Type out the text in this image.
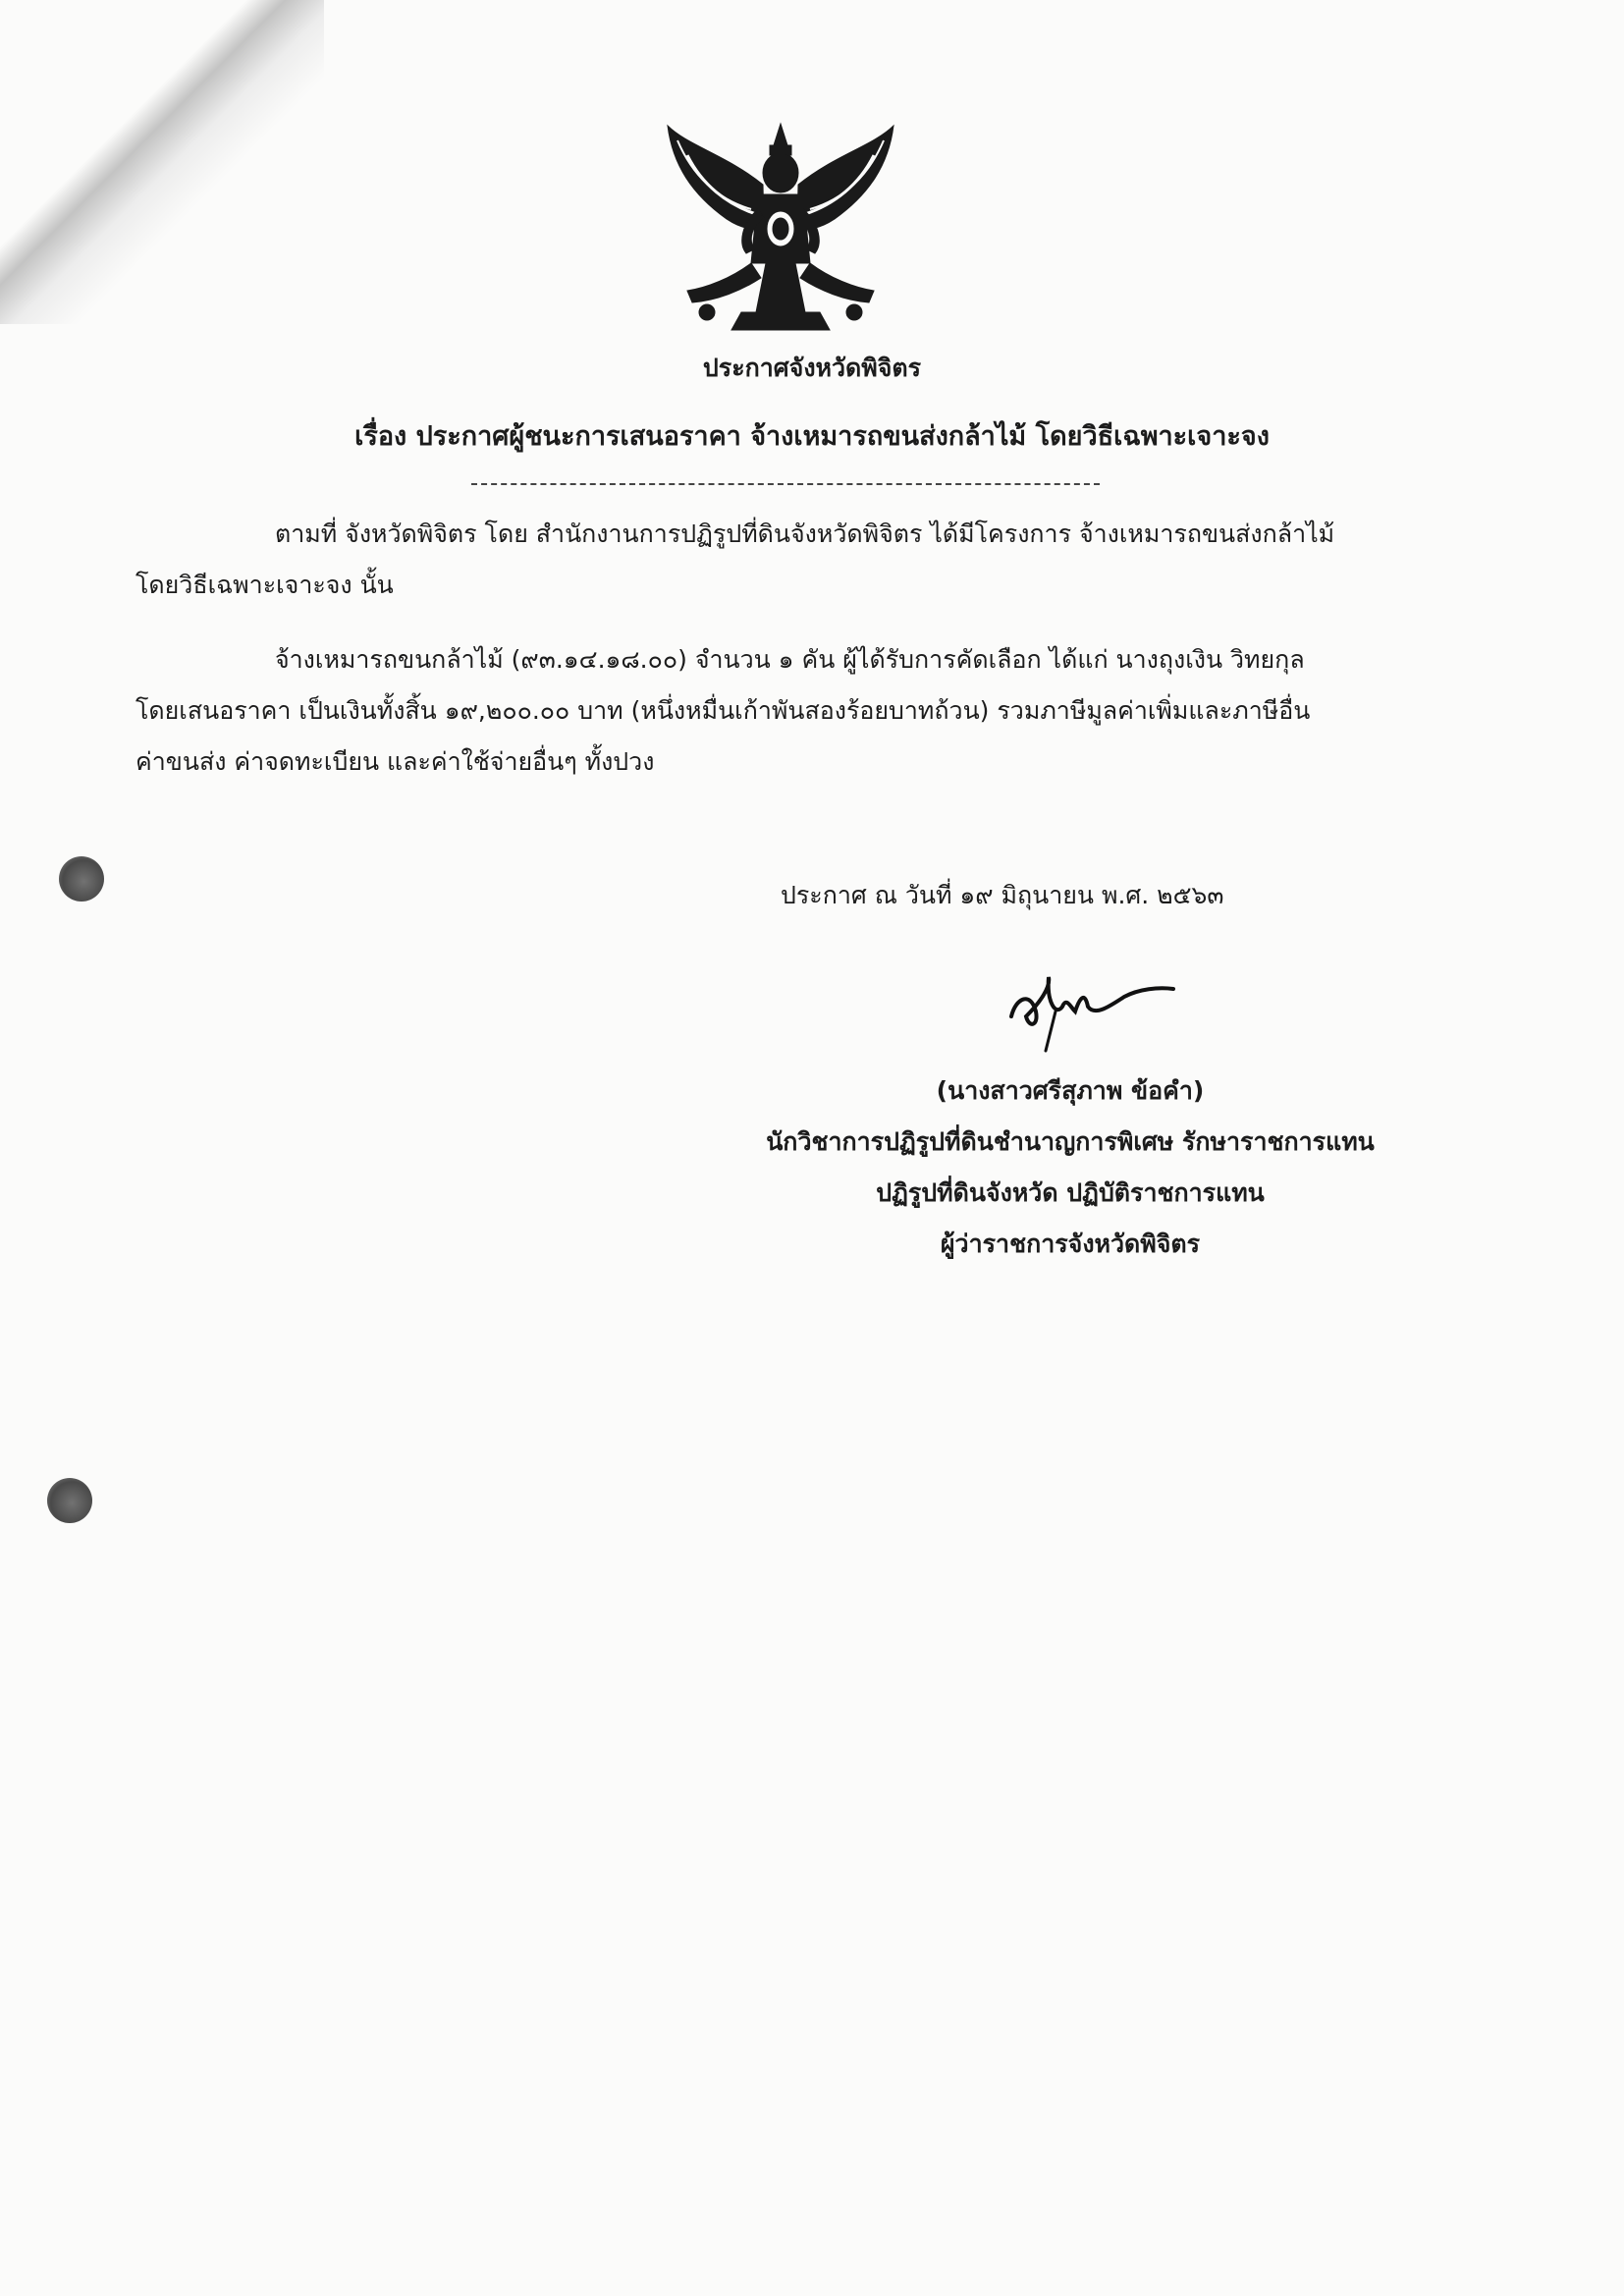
ประกาศจังหวัดพิจิตร
เรื่อง ประกาศผู้ชนะการเสนอราคา จ้างเหมารถขนส่งกล้าไม้ โดยวิธีเฉพาะเจาะจง
ตามที่ จังหวัดพิจิตร โดย สำนักงานการปฏิรูปที่ดินจังหวัดพิจิตร ได้มีโครงการ จ้างเหมารถขนส่งกล้าไม้
โดยวิธีเฉพาะเจาะจง นั้น
จ้างเหมารถขนกล้าไม้ (๙๓.๑๔.๑๘.๐๐) จำนวน ๑ คัน ผู้ได้รับการคัดเลือก ได้แก่ นางถุงเงิน วิทยกุล
โดยเสนอราคา เป็นเงินทั้งสิ้น ๑๙,๒๐๐.๐๐ บาท (หนึ่งหมื่นเก้าพันสองร้อยบาทถ้วน) รวมภาษีมูลค่าเพิ่มและภาษีอื่น
ค่าขนส่ง ค่าจดทะเบียน และค่าใช้จ่ายอื่นๆ ทั้งปวง
ประกาศ ณ วันที่ ๑๙ มิถุนายน พ.ศ. ๒๕๖๓
(นางสาวศรีสุภาพ ข้อคำ)
นักวิชาการปฏิรูปที่ดินชำนาญการพิเศษ รักษาราชการแทน
ปฏิรูปที่ดินจังหวัด ปฏิบัติราชการแทน
ผู้ว่าราชการจังหวัดพิจิตร
